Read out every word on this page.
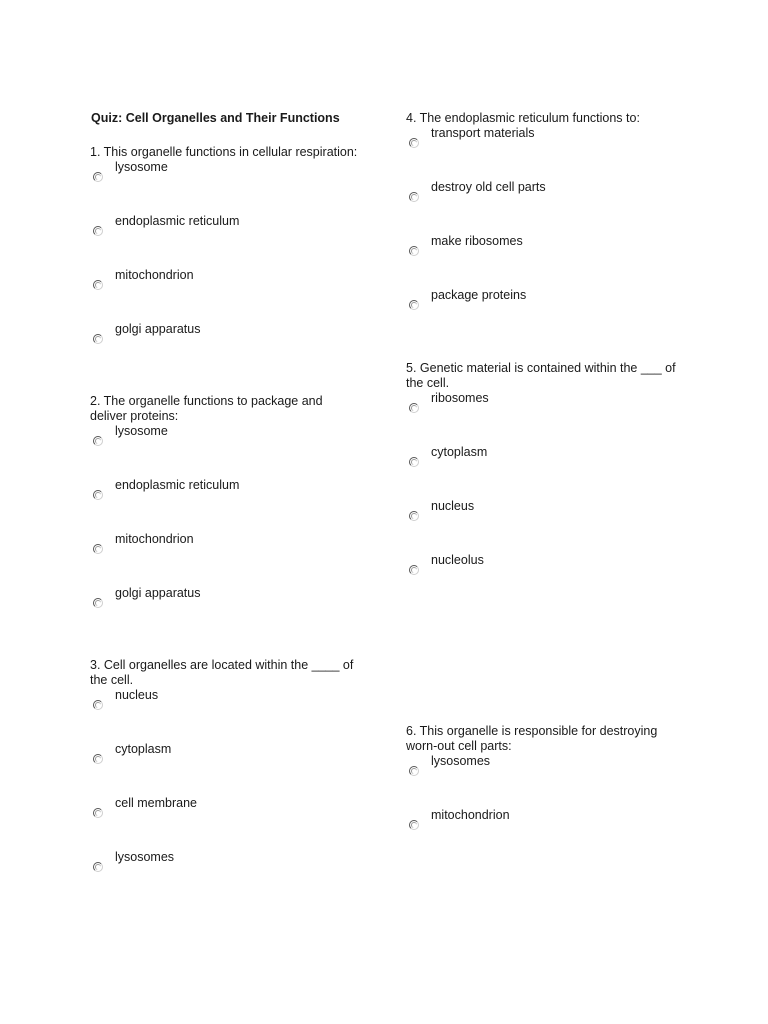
Quiz: Cell Organelles and Their Functions

1. This organelle functions in cellular respiration:

lysosome
endoplasmic reticulum
mitochondrion
golgi apparatus

2. The organelle functions to package and deliver proteins:

lysosome
endoplasmic reticulum
mitochondrion
golgi apparatus

3. Cell organelles are located within the ____ of the cell.

nucleus
cytoplasm
cell membrane
lysosomes

4. The endoplasmic reticulum functions to:

transport materials
destroy old cell parts
make ribosomes
package proteins

5. Genetic material is contained within the ___ of the cell.

ribosomes
cytoplasm
nucleus
nucleolus

6. This organelle is responsible for destroying worn-out cell parts:

lysosomes
mitochondrion
